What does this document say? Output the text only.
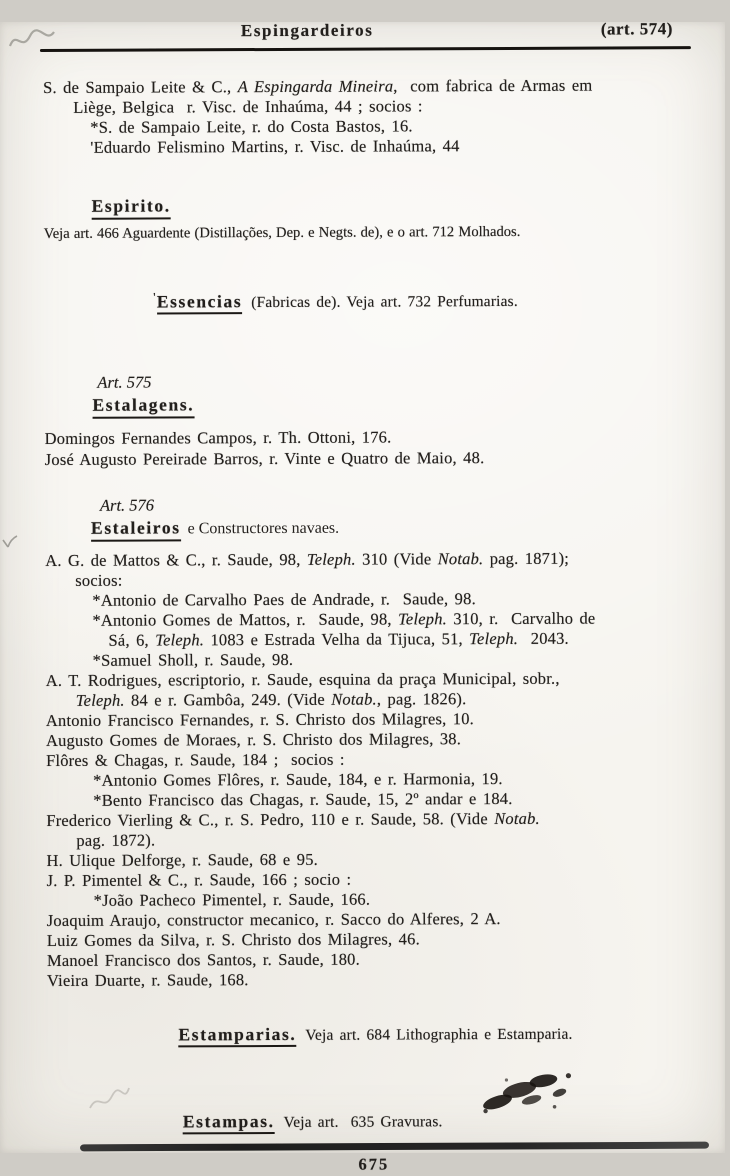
Espingardeiros	(art. 574)

S. de Sampaio Leite & C., A Espingarda Mineira,  com fabrica de Armas em

Liège, Belgica  r. Visc. de Inhaúma, 44 ; socios :

*S. de Sampaio Leite, r. do Costa Bastos, 16.

'Eduardo Felismino Martins, r. Visc. de Inhaúma, 44

Espirito.

Veja art. 466 Aguardente (Distillações, Dep. e Negts. de), e o art. 712 Molhados.

'Essencias (Fabricas de). Veja art. 732 Perfumarias.

Art. 575

Estalagens.

Domingos Fernandes Campos, r. Th. Ottoni, 176.

José Augusto Pereirade Barros, r. Vinte e Quatro de Maio, 48.

Art. 576

Estaleiros e Constructores navaes.

A. G. de Mattos & C., r. Saude, 98, Teleph. 310 (Vide Notab. pag. 1871);

socios:

*Antonio de Carvalho Paes de Andrade, r.  Saude, 98.

*Antonio Gomes de Mattos, r.  Saude, 98, Teleph. 310, r.  Carvalho de

Sá, 6, Teleph. 1083 e Estrada Velha da Tijuca, 51, Teleph.  2043.

*Samuel Sholl, r. Saude, 98.

A. T. Rodrigues, escriptorio, r. Saude, esquina da praça Municipal, sobr.,

Teleph. 84 e r. Gambôa, 249. (Vide Notab., pag. 1826).

Antonio Francisco Fernandes, r. S. Christo dos Milagres, 10.

Augusto Gomes de Moraes, r. S. Christo dos Milagres, 38.

Flôres & Chagas, r. Saude, 184 ;  socios :

*Antonio Gomes Flôres, r. Saude, 184, e r. Harmonia, 19.

*Bento Francisco das Chagas, r. Saude, 15, 2º andar e 184.

Frederico Vierling & C., r. S. Pedro, 110 e r. Saude, 58. (Vide Notab.

pag. 1872).

H. Ulique Delforge, r. Saude, 68 e 95.

J. P. Pimentel & C., r. Saude, 166 ; socio :

*João Pacheco Pimentel, r. Saude, 166.

Joaquim Araujo, constructor mecanico, r. Sacco do Alferes, 2 A.

Luiz Gomes da Silva, r. S. Christo dos Milagres, 46.

Manoel Francisco dos Santos, r. Saude, 180.

Vieira Duarte, r. Saude, 168.

Estamparias. Veja art. 684 Lithographia e Estamparia.

Estampas. Veja art.  635 Gravuras.

675
